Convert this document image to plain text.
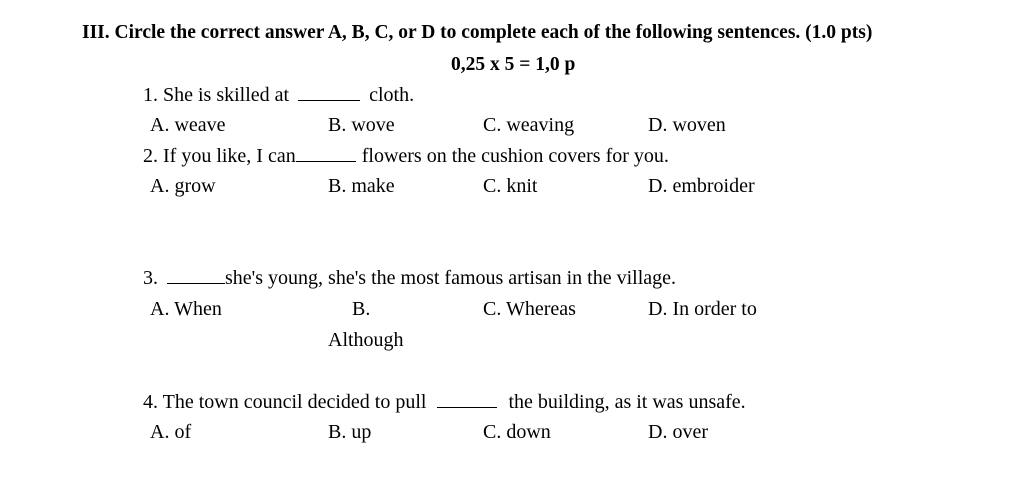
III. Circle the correct answer A, B, C, or D to complete each of the following sentences. (1.0 pts)
0,25 x 5 = 1,0 p
1. She is skilled at	cloth.
A. weave	B. wove	C. weaving	D. woven
2. If you like, I can	flowers on the cushion covers for you.
A. grow	B. make	C. knit	D. embroider
3.	she's young, she's the most famous artisan in the village.
A. When	B.
Although
C. Whereas	D. In order to
4. The town council decided to pull	the building, as it was unsafe.
A. of	B. up	C. down	D. over
